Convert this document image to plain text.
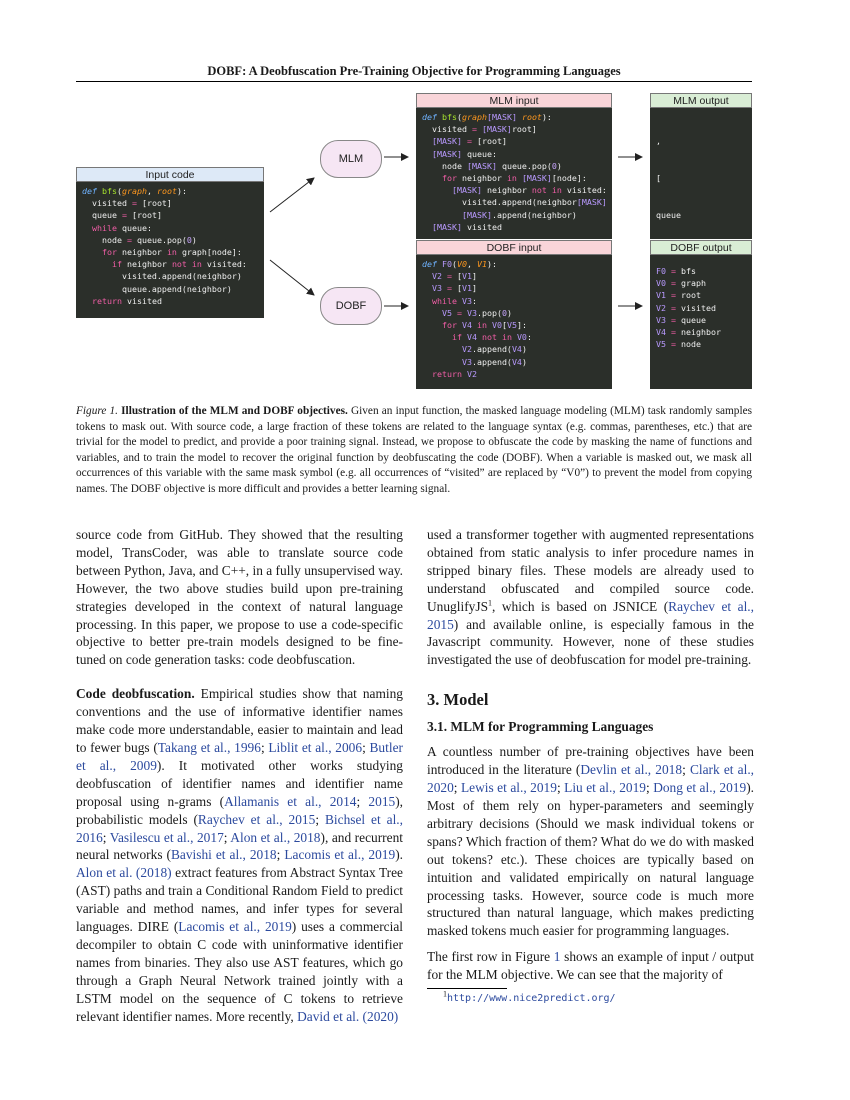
DOBF: A Deobfuscation Pre-Training Objective for Programming Languages
Input code
def bfs(graph, root):
visited = [root]
queue = [root]
while queue:
node = queue.pop(0)
for neighbor in graph[node]:
if neighbor not in visited:
visited.append(neighbor)
queue.append(neighbor)
return visited
MLM
DOBF
MLM input
def bfs(graph[MASK] root):
visited = [MASK]root]
[MASK] = [root]
[MASK] queue:
node [MASK] queue.pop(0)
for neighbor in [MASK][node]:
[MASK] neighbor not in visited:
visited.append(neighbor[MASK]
[MASK].append(neighbor)
[MASK] visited
MLM output

,

[

queue

DOBF input
def F0(V0, V1):
V2 = [V1]
V3 = [V1]
while V3:
V5 = V3.pop(0)
for V4 in V0[V5]:
if V4 not in V0:
V2.append(V4)
V3.append(V4)
return V2
DOBF output
F0 = bfs
V0 = graph
V1 = root
V2 = visited
V3 = queue
V4 = neighbor
V5 = node
Figure 1. Illustration of the MLM and DOBF objectives. Given an input function, the masked language modeling (MLM) task randomly samples tokens to mask out. With source code, a large fraction of these tokens are related to the language syntax (e.g. commas, parentheses, etc.) that are trivial for the model to predict, and provide a poor training signal. Instead, we propose to obfuscate the code by masking the name of functions and variables, and to train the model to recover the original function by deobfuscating the code (DOBF). When a variable is masked out, we mask all occurrences of this variable with the same mask symbol (e.g. all occurrences of “visited” are replaced by “V0”) to prevent the model from copying names. The DOBF objective is more difficult and provides a better learning signal.

source code from GitHub. They showed that the resulting model, TransCoder, was able to translate source code between Python, Java, and C++, in a fully unsupervised way. However, the two above studies build upon pre-training strategies developed in the context of natural language processing. In this paper, we propose to use a code-specific objective to better pre-train models designed to be fine-tuned on code generation tasks: code deobfuscation.

Code deobfuscation. Empirical studies show that naming conventions and the use of informative identifier names make code more understandable, easier to maintain and lead to fewer bugs (Takang et al., 1996; Liblit et al., 2006; Butler et al., 2009). It motivated other works studying deobfuscation of identifier names and identifier name proposal using n-grams (Allamanis et al., 2014; 2015), probabilistic models (Raychev et al., 2015; Bichsel et al., 2016; Vasilescu et al., 2017; Alon et al., 2018), and recurrent neural networks (Bavishi et al., 2018; Lacomis et al., 2019). Alon et al. (2018) extract features from Abstract Syntax Tree (AST) paths and train a Conditional Random Field to predict variable and method names, and infer types for several languages. DIRE (Lacomis et al., 2019) uses a commercial decompiler to obtain C code with uninformative identifier names from binaries. They also use AST features, which go through a Graph Neural Network trained jointly with a LSTM model on the sequence of C tokens to retrieve relevant identifier names. More recently, David et al. (2020)

used a transformer together with augmented representations obtained from static analysis to infer procedure names in stripped binary files. These models are already used to understand obfuscated and compiled source code. UnuglifyJS$^1$, which is based on JSNICE (Raychev et al., 2015) and available online, is especially famous in the Javascript community. However, none of these studies investigated the use of deobfuscation for model pre-training.

3. Model
3.1. MLM for Programming Languages

A countless number of pre-training objectives have been introduced in the literature (Devlin et al., 2018; Clark et al., 2020; Lewis et al., 2019; Liu et al., 2019; Dong et al., 2019). Most of them rely on hyper-parameters and seemingly arbitrary decisions (Should we mask individual tokens or spans? Which fraction of them? What do we do with masked out tokens? etc.). These choices are typically based on intuition and validated empirically on natural language processing tasks. However, source code is much more structured than natural language, which makes predicting masked tokens much easier for programming languages.

The first row in Figure 1 shows an example of input / output for the MLM objective. We can see that the majority of

$^1$http://www.nice2predict.org/
